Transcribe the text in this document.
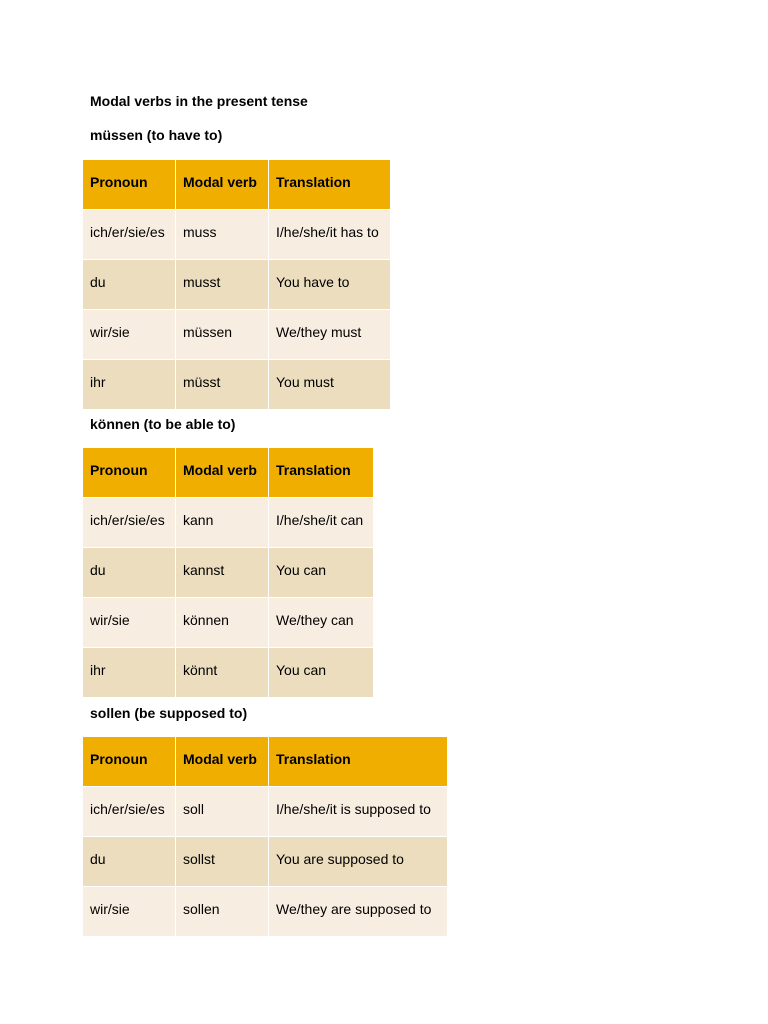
Modal verbs in the present tense
müssen (to have to)
Pronoun	Modal verb	Translation
ich/er/sie/es	muss	I/he/she/it has to
du	musst	You have to
wir/sie	müssen	We/they must
ihr	müsst	You must
können (to be able to)
Pronoun	Modal verb	Translation
ich/er/sie/es	kann	I/he/she/it can
du	kannst	You can
wir/sie	können	We/they can
ihr	könnt	You can
sollen (be supposed to)
Pronoun	Modal verb	Translation
ich/er/sie/es	soll	I/he/she/it is supposed to
du	sollst	You are supposed to
wir/sie	sollen	We/they are supposed to
